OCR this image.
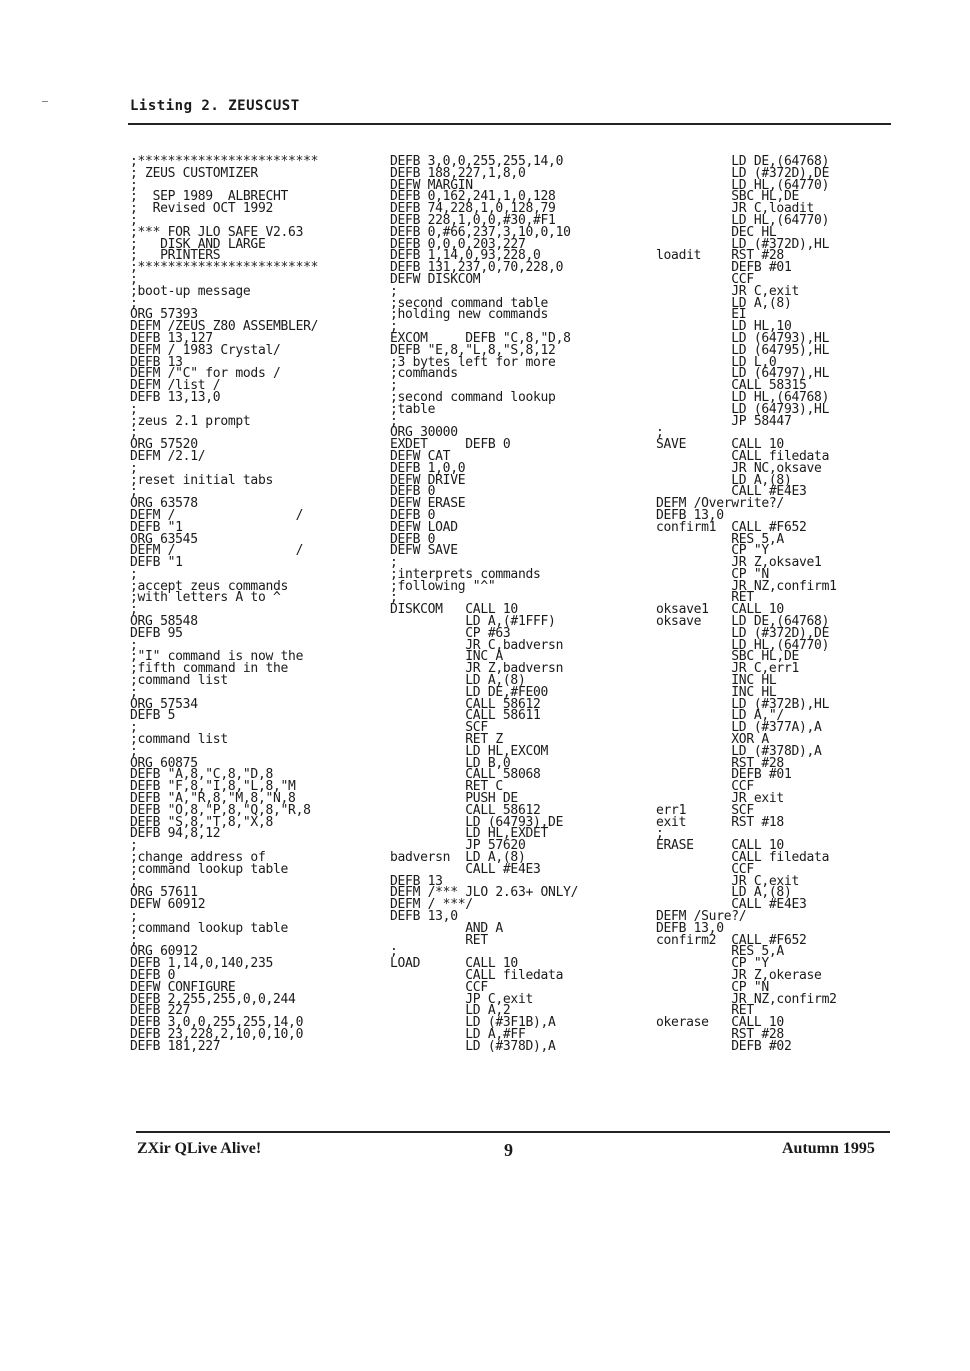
Listing 2. ZEUSCUST
;************************
; ZEUS CUSTOMIZER
;
;  SEP 1989  ALBRECHT
;  Revised OCT 1992
;
;*** FOR JLO SAFE V2.63
;   DISK AND LARGE
;   PRINTERS
;************************
;
;boot-up message
;
ORG 57393
DEFM /ZEUS Z80 ASSEMBLER/
DEFB 13,127
DEFM / 1983 Crystal/
DEFB 13
DEFM /"C" for mods /
DEFM /list /
DEFB 13,13,0
;
;zeus 2.1 prompt
;
ORG 57520
DEFM /2.1/
;
;reset initial tabs
;
ORG 63578
DEFM /                /
DEFB "1
ORG 63545
DEFM /                /
DEFB "1
;
;accept zeus commands
;with letters A to ^
;
ORG 58548
DEFB 95
;
;"I" command is now the
;fifth command in the
;command list
;
ORG 57534
DEFB 5
;
;command list
;
ORG 60875
DEFB "A,8,"C,8,"D,8
DEFB "F,8,"I,8,"L,8,"M
DEFB "A,"R,8,"M,8,"N,8
DEFB "O,8,"P,8,"Q,8,"R,8
DEFB "S,8,"T,8,"X,8
DEFB 94,8,12
;
;change address of
;command lookup table
;
ORG 57611
DEFW 60912
;
;command lookup table
;
ORG 60912
DEFB 1,14,0,140,235
DEFB 0
DEFW CONFIGURE
DEFB 2,255,255,0,0,244
DEFB 227
DEFB 3,0,0,255,255,14,0
DEFB 23,228,2,10,0,10,0
DEFB 181,227
DEFB 3,0,0,255,255,14,0
DEFB 188,227,1,8,0
DEFW MARGIN
DEFB 0,162,241,1,0,128
DEFB 74,228,1,0,128,79
DEFB 228,1,0,0,#30,#F1
DEFB 0,#66,237,3,10,0,10
DEFB 0,0,0,203,227
DEFB 1,14,0,93,228,0
DEFB 131,237,0,70,228,0
DEFW DISKCOM
;
;second command table
;holding new commands
;
EXCOM     DEFB "C,8,"D,8
DEFB "E,8,"L,8,"S,8,12
;3 bytes left for more
;commands
;
;second command lookup
;table
;
ORG 30000
EXDET     DEFB 0
DEFW CAT
DEFB 1,0,0
DEFW DRIVE
DEFB 0
DEFW ERASE
DEFB 0
DEFW LOAD
DEFB 0
DEFW SAVE
;
;interprets commands
;following "^"
;
DISKCOM   CALL 10
LD A,(#1FFF)
CP #63
JR C,badversn
INC A
JR Z,badversn
LD A,(8)
LD DE,#FE00
CALL 58612
CALL 58611
SCF
RET Z
LD HL,EXCOM
LD B,0
CALL 58068
RET C
PUSH DE
CALL 58612
LD (64793),DE
LD HL,EXDET
JP 57620
badversn  LD A,(8)
CALL #E4E3
DEFB 13
DEFM /*** JLO 2.63+ ONLY/
DEFM / ***/
DEFB 13,0
AND A
RET
;
LOAD      CALL 10
CALL filedata
CCF
JP C,exit
LD A,2
LD (#3F1B),A
LD A,#FF
LD (#378D),A
LD DE,(64768)
LD (#372D),DE
LD HL,(64770)
SBC HL,DE
JR C,loadit
LD HL,(64770)
DEC HL
LD (#372D),HL
loadit    RST #28
DEFB #01
CCF
JR C,exit
LD A,(8)
EI
LD HL,10
LD (64793),HL
LD (64795),HL
LD L,0
LD (64797),HL
CALL 58315
LD HL,(64768)
LD (64793),HL
JP 58447
;
SAVE      CALL 10
CALL filedata
JR NC,oksave
LD A,(8)
CALL #E4E3
DEFM /Overwrite?/
DEFB 13,0
confirm1  CALL #F652
RES 5,A
CP "Y
JR Z,oksave1
CP "N
JR NZ,confirm1
RET
oksave1   CALL 10
oksave    LD DE,(64768)
LD (#372D),DE
LD HL,(64770)
SBC HL,DE
JR C,err1
INC HL
INC HL
LD (#372B),HL
LD A,"/
LD (#377A),A
XOR A
LD (#378D),A
RST #28
DEFB #01
CCF
JR exit
err1      SCF
exit      RST #18
;
ERASE     CALL 10
CALL filedata
CCF
JR C,exit
LD A,(8)
CALL #E4E3
DEFM /Sure?/
DEFB 13,0
confirm2  CALL #F652
RES 5,A
CP "Y
JR Z,okerase
CP "N
JR NZ,confirm2
RET
okerase   CALL 10
RST #28
DEFB #02
ZXir QLive Alive!	9	Autumn 1995
